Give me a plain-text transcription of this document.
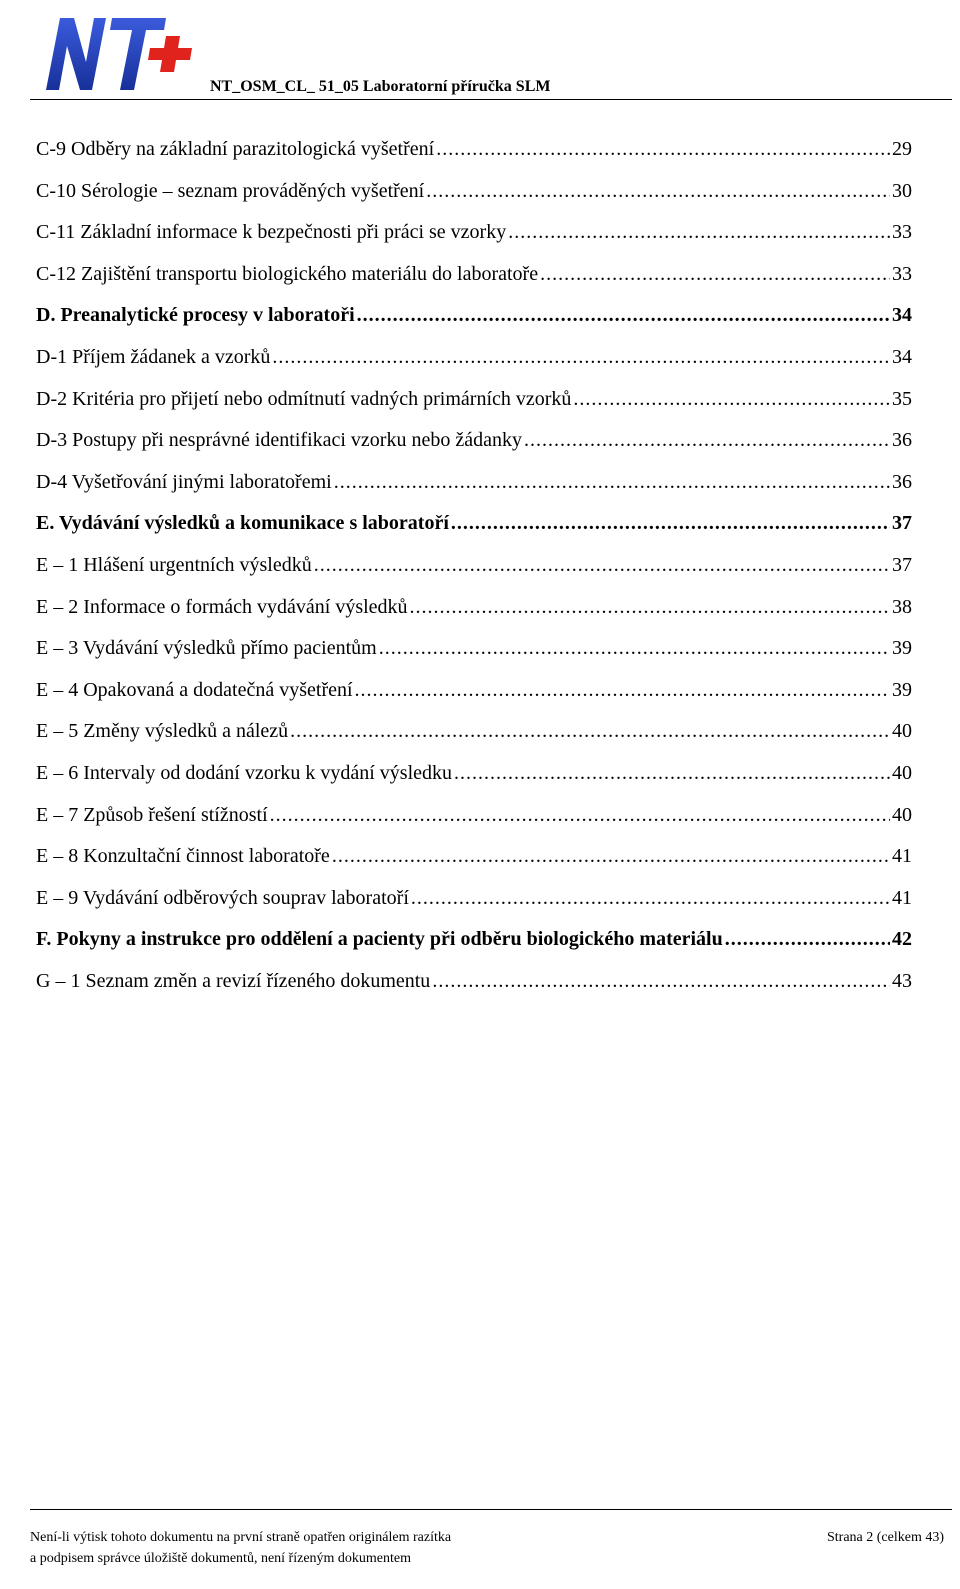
NT_OSM_CL_ 51_05 Laboratorní příručka SLM
C-9 Odběry na základní parazitologická vyšetření .....	29
C-10 Sérologie – seznam prováděných vyšetření .....	30
C-11 Základní informace k bezpečnosti při práci se vzorky .....	33
C-12 Zajištění transportu biologického materiálu do laboratoře .....	33
D. Preanalytické procesy v laboratoři .....	34
D-1 Příjem žádanek a vzorků .....	34
D-2 Kritéria pro přijetí nebo odmítnutí vadných primárních vzorků .....	35
D-3 Postupy při nesprávné identifikaci vzorku nebo žádanky .....	36
D-4 Vyšetřování jinými laboratořemi .....	36
E. Vydávání výsledků a komunikace s laboratoří .....	37
E – 1 Hlášení urgentních výsledků .....	37
E – 2 Informace o formách vydávání výsledků .....	38
E – 3 Vydávání výsledků přímo pacientům .....	39
E – 4 Opakovaná a dodatečná vyšetření .....	39
E – 5 Změny výsledků a nálezů .....	40
E – 6 Intervaly od dodání vzorku k vydání výsledku .....	40
E – 7 Způsob řešení stížností .....	40
E – 8 Konzultační činnost laboratoře .....	41
E – 9 Vydávání odběrových souprav laboratoří .....	41
F. Pokyny a instrukce pro oddělení a pacienty při odběru biologického materiálu .....	42
G – 1 Seznam změn a revizí řízeného dokumentu .....	43
Není-li výtisk tohoto dokumentu na první straně opatřen originálem razítka
a podpisem správce úložiště dokumentů, není řízeným dokumentem
Strana 2 (celkem 43)
